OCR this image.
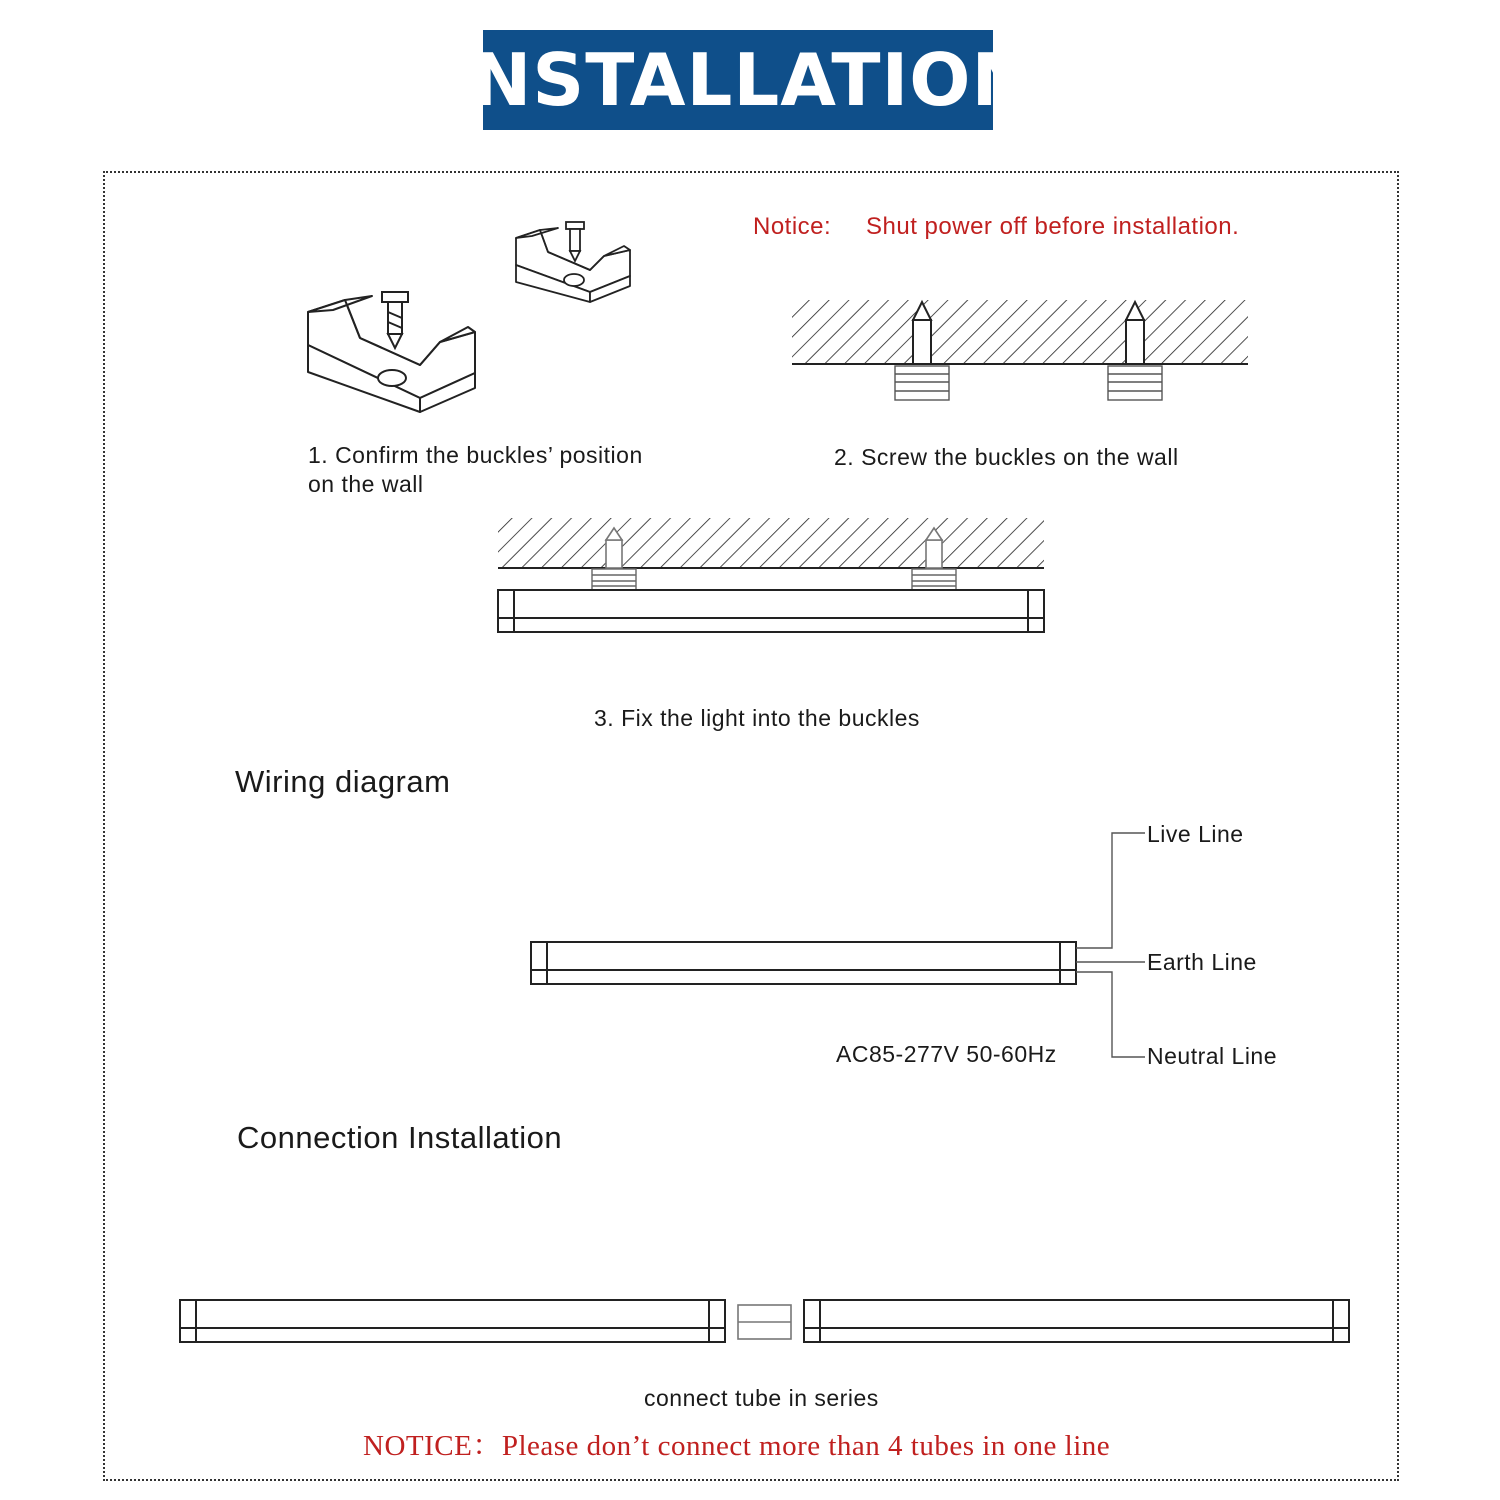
INSTALLATION
Notice: Shut power off before installation.
1. Confirm the buckles’ position
on the wall
2. Screw the buckles on the wall
3. Fix the light into the buckles
Wiring diagram
Live Line
Earth Line
Neutral Line
AC85-277V 50-60Hz
Connection Installation
connect tube in series
NOTICE：Please don’t connect more than 4 tubes in one line
